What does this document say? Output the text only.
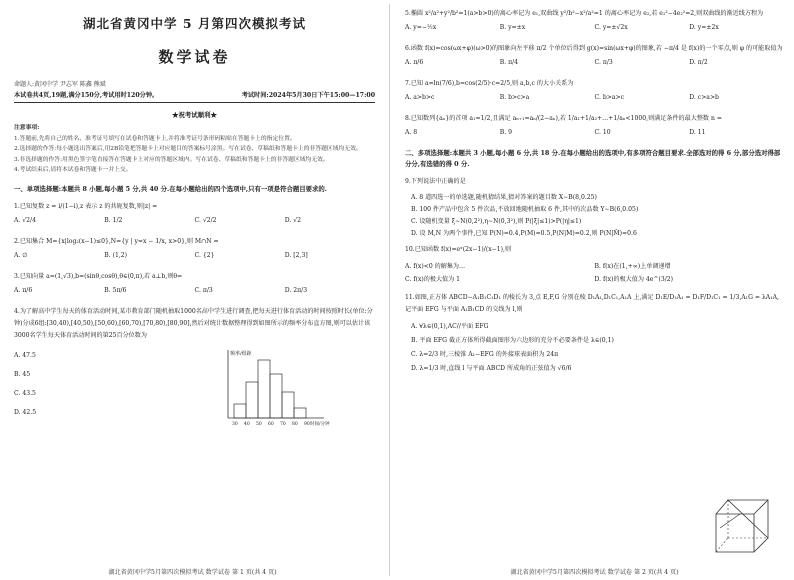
湖北省黄冈中学 5 月第四次模拟考试
数学试卷
命题人:黄冈中学 尹志军 陈鑫 熊斌
本试卷共4页,19题,满分150分,考试用时120分钟。	考试时间:2024年5月30日下午15:00—17:00
★祝考试顺利★
注意事项:
1.答题前,先将自己的姓名、准考证号填写在试卷和答题卡上,并将准考证号条形码粘贴在答题卡上的指定位置。
2.选择题的作答:每小题选出答案后,用2B铅笔把答题卡上对应题目的答案标号涂黑。写在试卷、草稿纸和答题卡上的非答题区域均无效。
3.非选择题的作答:用黑色签字笔直接答在答题卡上对应的答题区域内。写在试卷、草稿纸和答题卡上的非答题区域均无效。
4.考试结束后,请将本试卷和答题卡一并上交。
一、单项选择题:本题共 8 小题,每小题 5 分,共 40 分.在每小题给出的四个选项中,只有一项是符合题目要求的.
1.已知复数 z = i/(1−i),z 表示 z 的共轭复数,则|z| =
A. √2/4	B. 1/2	C. √2/2	D. √2
2.已知集合 M={x|log₂(x−1)≤0},N={y | y=x − 1/x, x>0},则 M∩N =
A. ∅	B. (1,2)	C. {2}	D. [2,3]
3.已知向量 a=(1,√3),b=(sinθ,cosθ),θ∈(0,π),若 a⊥b,则θ=
A. π/6	B. 5π/6	C. π/3	D. 2π/3
4.为了解高中学生每天的体育活动时间,某市教育部门随机抽取1000名高中学生进行调查,把每天进行体育活动的时间按照时长(单位:分钟)分成6组:[30,40),[40,50),[50,60),[60,70),[70,80),[80,90],然后对统计数据整理得到如图所示的频率分布直方图,则可以估计该3000名学生每天体育活动时间的第25百分位数为
A. 47.5
B. 45
C. 43.5
D. 42.5
频率/组距
30 40 50 60 70 80 90 时间/分钟
湖北省黄冈中学5月第四次模拟考试 数学试卷 第 1 页(共 4 页)
5.椭圆 x²/a²+y²/b²=1(a>b>0)的离心率记为 e₁,双曲线 y²/b²−x²/a²=1 的离心率记为 e₂,若 e₁²−4e₂²=2,则双曲线的渐近线方程为
A. y=−½x	B. y=±x	C. y=±√2x	D. y=±2x
6.函数 f(x)=cos(ωx+φ)(ω>0)的图象向左平移 π/2 个单位后得到 g(x)=sin(ωx+φ)的图象,若 −π/4 是 f(x)的一个零点,则 φ 的可能取值为
A. π/6	B. π/4	C. π/3	D. π/2
7.已知 a=ln(7/6),b=cos(2/5)·c=2/5,则 a,b,c 的大小关系为
A. a>b>c	B. b>c>a	C. b>a>c	D. c>a>b
8.已知数列{aₙ}的首项 a₁=1/2,且满足 aₙ₊₁=aₙ/(2−aₙ),若 1/a₁+1/a₂+…+1/aₙ<1000,则满足条件的最大整数 n =
A. 8	B. 9	C. 10	D. 11
二、多项选择题:本题共 3 小题,每小题 6 分,共 18 分.在每小题给出的选项中,有多项符合题目要求.全部选对的得 6 分,部分选对得部分分,有选错的得 0 分.
9.下列说法中正确的是
A. 8 道四选一的单选题,随机猜结果,猜对答案的题目数 X∼B(8,0.25)
B. 100 件产品中包含 5 件次品,不放回地随机抽取 6 件,其中的次品数 Y∼B(6,0.05)
C. 设随机变量 ξ∼N(0,2²),η∼N(0,3²),则 P(|ξ|≤1)>P(|η|≤1)
D. 设 M,N 为两个事件,已知 P(N)=0.4,P(M)=0.5,P(N|M)=0.2,则 P(N|M̄)=0.6
10.已知函数 f(x)=eˣ(2x−1)/(x−1),则
A. f(x)<0 的解集为…	B. f(x)在(1,+∞)上单调递增
C. f(x)的极大值为 1	D. f(x)的极大值为 4e^(3/2)
11.如图,正方体 ABCD−A₁B₁C₁D₁ 的棱长为 3,点 E,F,G 分别在棱 D₁A₁,D₁C₁,A₁A 上,满足 D₁E/D₁A₁ = D₁F/D₁C₁ = 1/3,A₁G = λA₁A,记平面 EFG 与平面 A₁B₁CD 的交线为 l,则
A. ∀λ∈(0,1),AC//平面 EFG
B. 平面 EFG 截正方体所得截面图形为六边形的充分不必要条件是 λ∈(0,1)
C. λ=2/3 时,三棱锥 A₁−EFG 的外接球表面积为 24π
D. λ=1/3 时,直线 l 与平面 ABCD 所成角的正弦值为 √6/6
湖北省黄冈中学5月第四次模拟考试 数学试卷 第 2 页(共 4 页)
